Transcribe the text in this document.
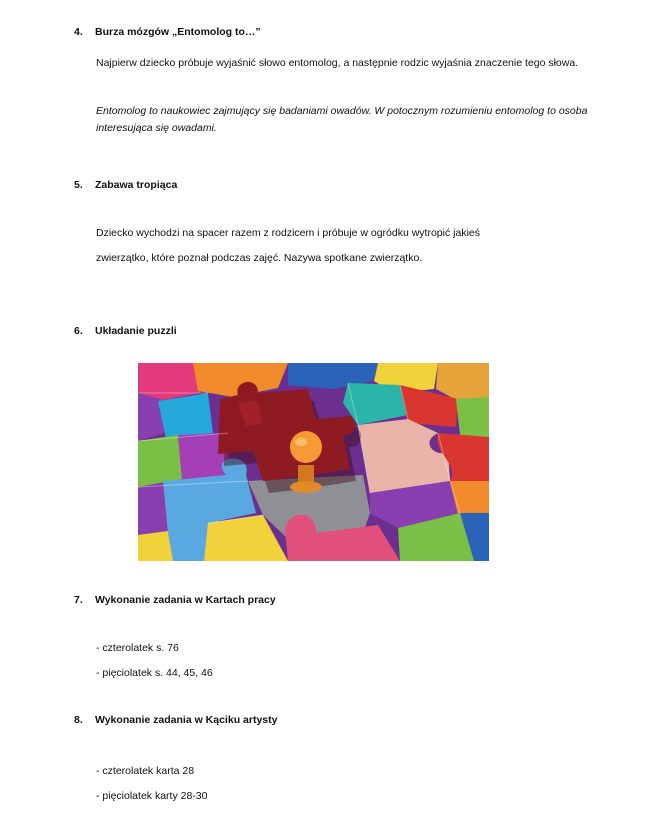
4. Burza mózgów „Entomolog to…”
Najpierw dziecko próbuje wyjaśnić słowo entomolog, a następnie rodzic wyjaśnia znaczenie tego słowa.
Entomolog to naukowiec zajmujący się badaniami owadów. W potocznym rozumieniu entomolog to osoba interesująca się owadami.
5. Zabawa tropiąca
Dziecko wychodzi na spacer razem z rodzicem i próbuje w ogródku wytropić jakieś
zwierzątko, które poznał podczas zajęć. Nazywa spotkane zwierzątko.
6. Układanie puzzli
7. Wykonanie zadania w Kartach pracy
- czterolatek s. 76
- pięciolatek s. 44, 45, 46
8. Wykonanie zadania w Kąciku artysty
- czterolatek karta 28
- pięciolatek karty 28-30
